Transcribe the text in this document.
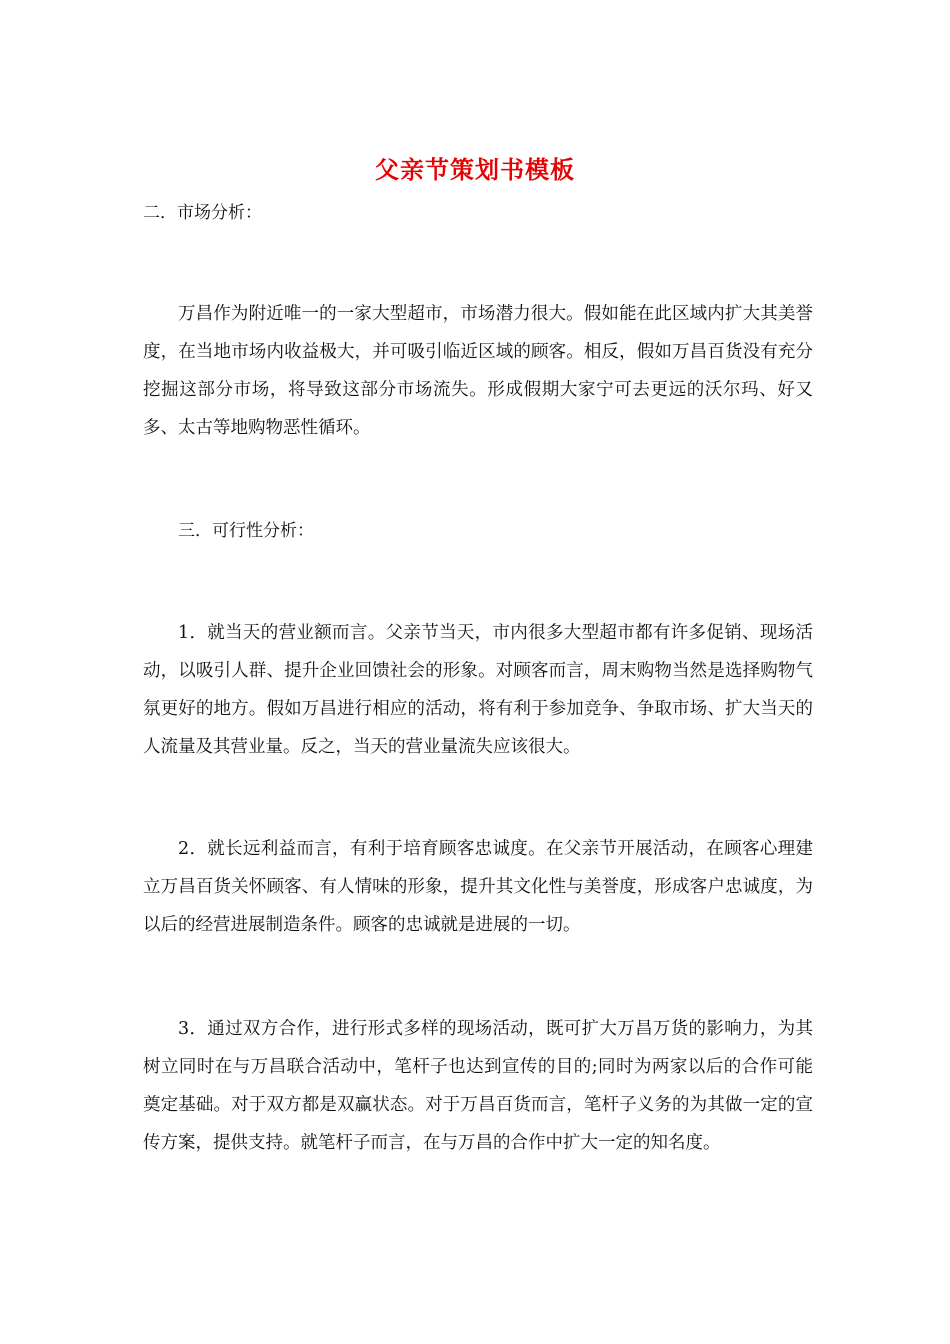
父亲节策划书模板
二．市场分析：
万昌作为附近唯一的一家大型超市，市场潜力很大。假如能在此区域内扩大其美誉度，在当地市场内收益极大，并可吸引临近区域的顾客。相反，假如万昌百货没有充分挖掘这部分市场，将导致这部分市场流失。形成假期大家宁可去更远的沃尔玛、好又多、太古等地购物恶性循环。
三．可行性分析：
1．就当天的营业额而言。父亲节当天，市内很多大型超市都有许多促销、现场活动，以吸引人群、提升企业回馈社会的形象。对顾客而言，周末购物当然是选择购物气氛更好的地方。假如万昌进行相应的活动，将有利于参加竞争、争取市场、扩大当天的人流量及其营业量。反之，当天的营业量流失应该很大。
2．就长远利益而言，有利于培育顾客忠诚度。在父亲节开展活动，在顾客心理建立万昌百货关怀顾客、有人情味的形象，提升其文化性与美誉度，形成客户忠诚度，为以后的经营进展制造条件。顾客的忠诚就是进展的一切。
3．通过双方合作，进行形式多样的现场活动，既可扩大万昌万货的影响力，为其树立同时在与万昌联合活动中，笔杆子也达到宣传的目的;同时为两家以后的合作可能奠定基础。对于双方都是双赢状态。对于万昌百货而言，笔杆子义务的为其做一定的宣传方案，提供支持。就笔杆子而言，在与万昌的合作中扩大一定的知名度。
